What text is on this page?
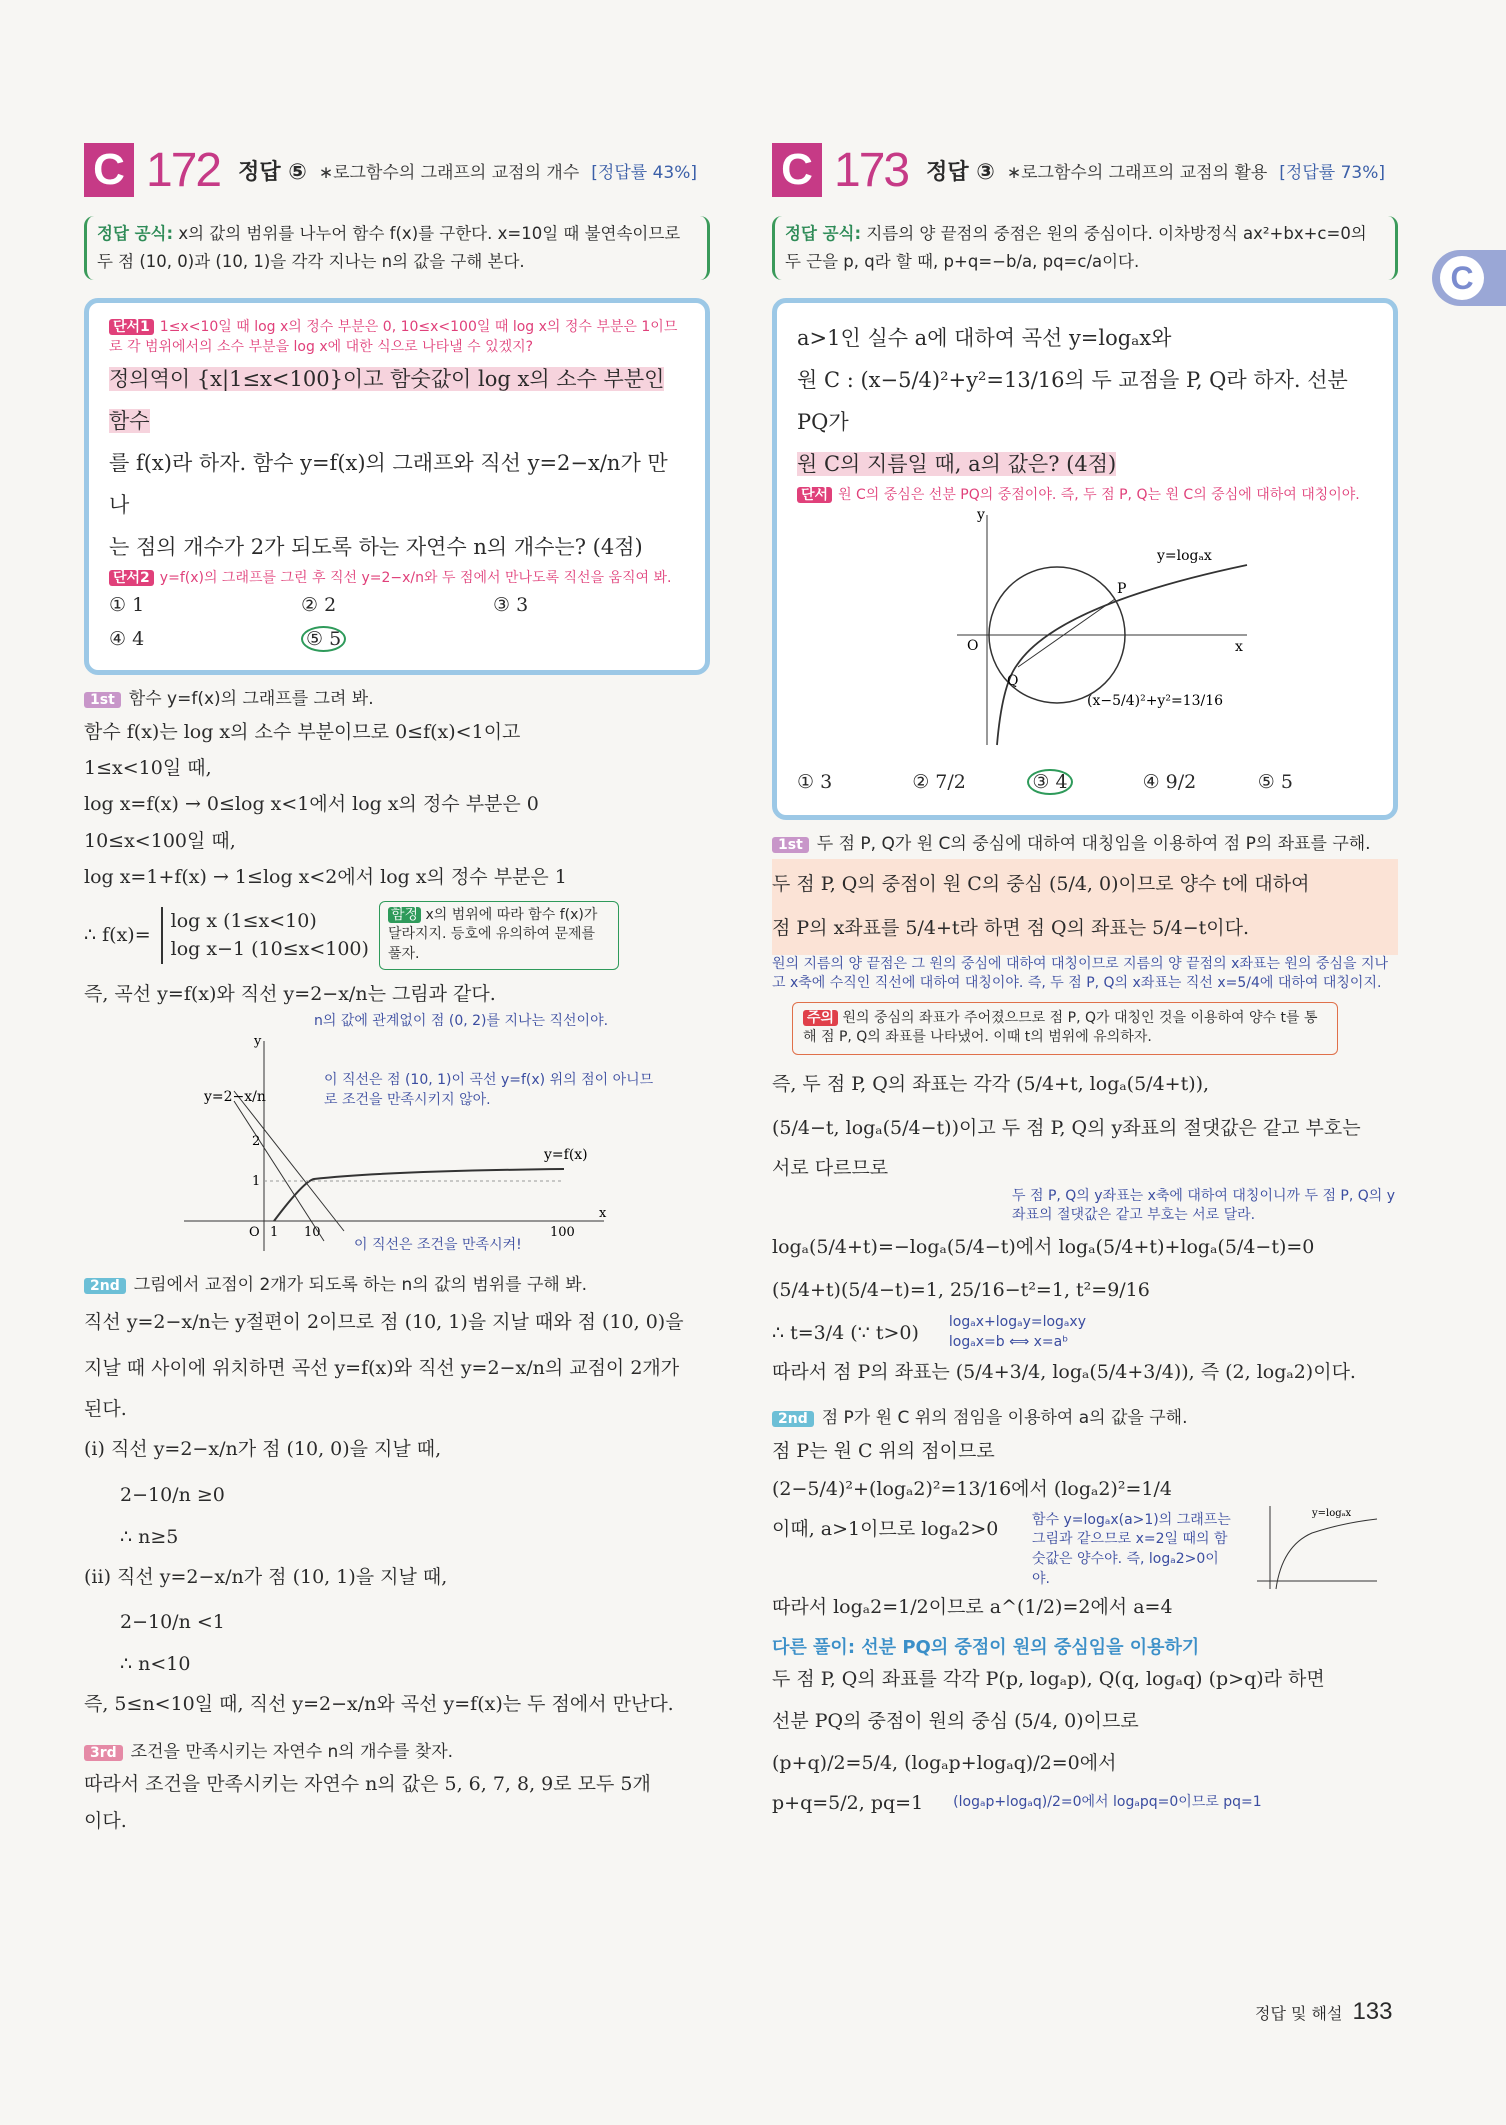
C
C 172 정답 ⑤ ∗로그함수의 그래프의 교점의 개수 [정답률 43%]
정답 공식: x의 값의 범위를 나누어 함수 f(x)를 구한다. x=10일 때 불연속이므로 두 점 (10, 0)과 (10, 1)을 각각 지나는 n의 값을 구해 본다.
단서1 1≤x<10일 때 log x의 정수 부분은 0, 10≤x<100일 때 log x의 정수 부분은 1이므로 각 범위에서의 소수 부분을 log x에 대한 식으로 나타낼 수 있겠지?
정의역이 {x|1≤x<100}이고 함숫값이 log x의 소수 부분인 함수
를 f(x)라 하자. 함수 y=f(x)의 그래프와 직선 y=2−x/n가 만나
는 점의 개수가 2가 되도록 하는 자연수 n의 개수는? (4점)
단서2 y=f(x)의 그래프를 그린 후 직선 y=2−x/n와 두 점에서 만나도록 직선을 움직여 봐.
① 1	② 2	③ 3
④ 4	⑤ 5
1st 함수 y=f(x)의 그래프를 그려 봐.
함수 f(x)는 log x의 소수 부분이므로 0≤f(x)<1이고
1≤x<10일 때,
log x=f(x) → 0≤log x<1에서 log x의 정수 부분은 0
10≤x<100일 때,
log x=1+f(x) → 1≤log x<2에서 log x의 정수 부분은 1
∴ f(x)=
log x (1≤x<10)
log x−1 (10≤x<100)
함정 x의 범위에 따라 함수 f(x)가 달라지지. 등호에 유의하여 문제를 풀자.
즉, 곡선 y=f(x)와 직선 y=2−x/n는 그림과 같다.
n의 값에 관계없이 점 (0, 2)를 지나는 직선이야.
y=2−x/n
y=f(x)
O 1 10	100
1
2
x
y
이 직선은 점 (10, 1)이 곡선 y=f(x) 위의 점이 아니므로 조건을 만족시키지 않아.
이 직선은 조건을 만족시켜!
2nd 그림에서 교점이 2개가 되도록 하는 n의 값의 범위를 구해 봐.
직선 y=2−x/n는 y절편이 2이므로 점 (10, 1)을 지날 때와 점 (10, 0)을
지날 때 사이에 위치하면 곡선 y=f(x)와 직선 y=2−x/n의 교점이 2개가
된다.
(i) 직선 y=2−x/n가 점 (10, 0)을 지날 때,
2−10/n ≥0
∴ n≥5
(ii) 직선 y=2−x/n가 점 (10, 1)을 지날 때,
2−10/n <1
∴ n<10
즉, 5≤n<10일 때, 직선 y=2−x/n와 곡선 y=f(x)는 두 점에서 만난다.
3rd 조건을 만족시키는 자연수 n의 개수를 찾자.
따라서 조건을 만족시키는 자연수 n의 값은 5, 6, 7, 8, 9로 모두 5개
이다.
C 173 정답 ③ ∗로그함수의 그래프의 교점의 활용 [정답률 73%]
정답 공식: 지름의 양 끝점의 중점은 원의 중심이다. 이차방정식 ax²+bx+c=0의 두 근을 p, q라 할 때, p+q=−b/a, pq=c/a이다.
a>1인 실수 a에 대하여 곡선 y=logₐx와
원 C : (x−5/4)²+y²=13/16의 두 교점을 P, Q라 하자. 선분 PQ가
원 C의 지름일 때, a의 값은? (4점)
단서 원 C의 중심은 선분 PQ의 중점이야. 즉, 두 점 P, Q는 원 C의 중심에 대하여 대칭이야.
O	x
y
P
Q
y=logₐx
(x−5/4)²+y²=13/16
① 3	② 7/2	③ 4	④ 9/2	⑤ 5
1st 두 점 P, Q가 원 C의 중심에 대하여 대칭임을 이용하여 점 P의 좌표를 구해.
두 점 P, Q의 중점이 원 C의 중심 (5/4, 0)이므로 양수 t에 대하여
점 P의 x좌표를 5/4+t라 하면 점 Q의 좌표는 5/4−t이다.
원의 지름의 양 끝점은 그 원의 중심에 대하여 대칭이므로 지름의 양 끝점의 x좌표는 원의 중심을 지나고 x축에 수직인 직선에 대하여 대칭이야. 즉, 두 점 P, Q의 x좌표는 직선 x=5/4에 대하여 대칭이지.
주의 원의 중심의 좌표가 주어졌으므로 점 P, Q가 대칭인 것을 이용하여 양수 t를 통해 점 P, Q의 좌표를 나타냈어. 이때 t의 범위에 유의하자.
즉, 두 점 P, Q의 좌표는 각각 (5/4+t, logₐ(5/4+t)),
(5/4−t, logₐ(5/4−t))이고 두 점 P, Q의 y좌표의 절댓값은 같고 부호는
서로 다르므로
두 점 P, Q의 y좌표는 x축에 대하여 대칭이니까 두 점 P, Q의 y좌표의 절댓값은 같고 부호는 서로 달라.
logₐ(5/4+t)=−logₐ(5/4−t)에서 logₐ(5/4+t)+logₐ(5/4−t)=0
(5/4+t)(5/4−t)=1, 25/16−t²=1, t²=9/16
∴ t=3/4 (∵ t>0) logₐx+logₐy=logₐxy
logₐx=b ⟺ x=aᵇ
따라서 점 P의 좌표는 (5/4+3/4, logₐ(5/4+3/4)), 즉 (2, logₐ2)이다.
2nd 점 P가 원 C 위의 점임을 이용하여 a의 값을 구해.
점 P는 원 C 위의 점이므로
(2−5/4)²+(logₐ2)²=13/16에서 (logₐ2)²=1/4
이때, a>1이므로 logₐ2>0	함수 y=logₐx(a>1)의 그래프는 그림과 같으므로 x=2일 때의 함숫값은 양수야. 즉, logₐ2>0이야.
y=logₐx
따라서 logₐ2=1/2이므로 a^(1/2)=2에서 a=4
다른 풀이: 선분 PQ의 중점이 원의 중심임을 이용하기
두 점 P, Q의 좌표를 각각 P(p, logₐp), Q(q, logₐq) (p>q)라 하면
선분 PQ의 중점이 원의 중심 (5/4, 0)이므로
(p+q)/2=5/4, (logₐp+logₐq)/2=0에서
p+q=5/2, pq=1 (logₐp+logₐq)/2=0에서 logₐpq=0이므로 pq=1
정답 및 해설 133
